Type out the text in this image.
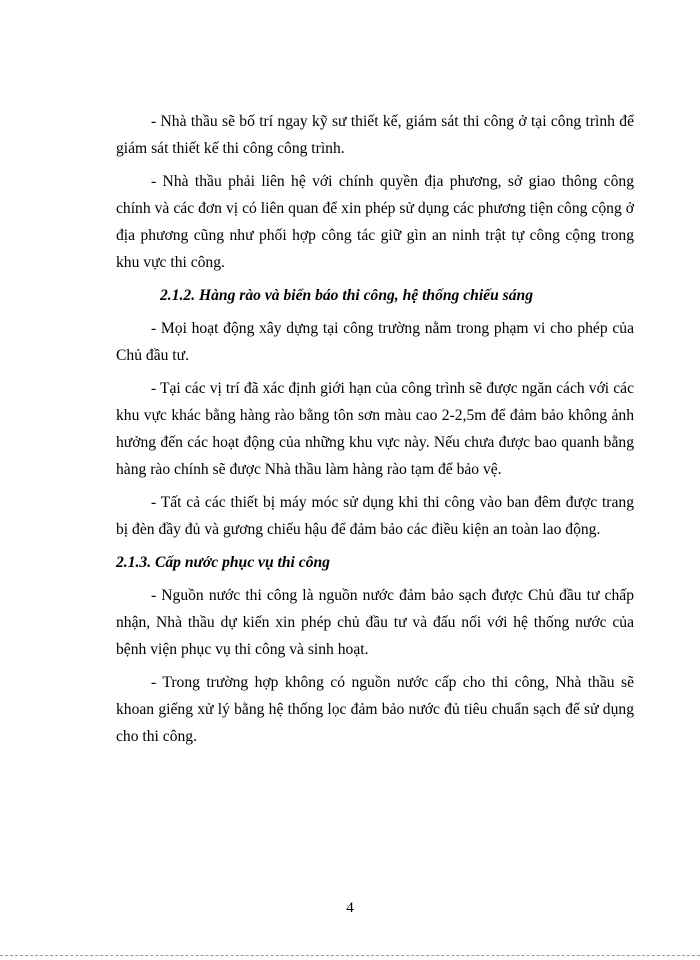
- Nhà thầu sẽ bố trí ngay kỹ sư thiết kế, giám sát thi công ở tại công trình để giám sát thiết kế thi công công trình.

- Nhà thầu phải liên hệ với chính quyền địa phương, sở giao thông công chính và các đơn vị có liên quan để xin phép sử dụng các phương tiện công cộng ở địa phương cũng như phối hợp công tác giữ gìn an ninh trật tự công cộng trong khu vực thi công.

2.1.2. Hàng rào và biển báo thi công, hệ thống chiếu sáng

- Mọi hoạt động xây dựng tại công trường nằm trong phạm vi cho phép của Chủ đầu tư.

- Tại các vị trí đã xác định giới hạn của công trình sẽ được ngăn cách với các khu vực khác bằng hàng rào bằng tôn sơn màu cao 2-2,5m để đảm bảo không ảnh hưởng đến các hoạt động của những khu vực này. Nếu chưa được bao quanh bằng hàng rào chính sẽ được Nhà thầu làm hàng rào tạm để bảo vệ.

- Tất cả các thiết bị máy móc sử dụng khi thi công vào ban đêm được trang bị đèn đầy đủ và gương chiếu hậu để đảm bảo các điều kiện an toàn lao động.

2.1.3. Cấp nước phục vụ thi công

- Nguồn nước thi công là nguồn nước đảm bảo sạch được Chủ đầu tư chấp nhận, Nhà thầu dự kiến xin phép chủ đầu tư và đấu nối với hệ thống nước của bệnh viện phục vụ thi công và sinh hoạt.

- Trong trường hợp không có nguồn nước cấp cho thi công, Nhà thầu sẽ khoan giếng xử lý bằng hệ thống lọc đảm bảo nước đủ tiêu chuẩn sạch để sử dụng cho thi công.

4
